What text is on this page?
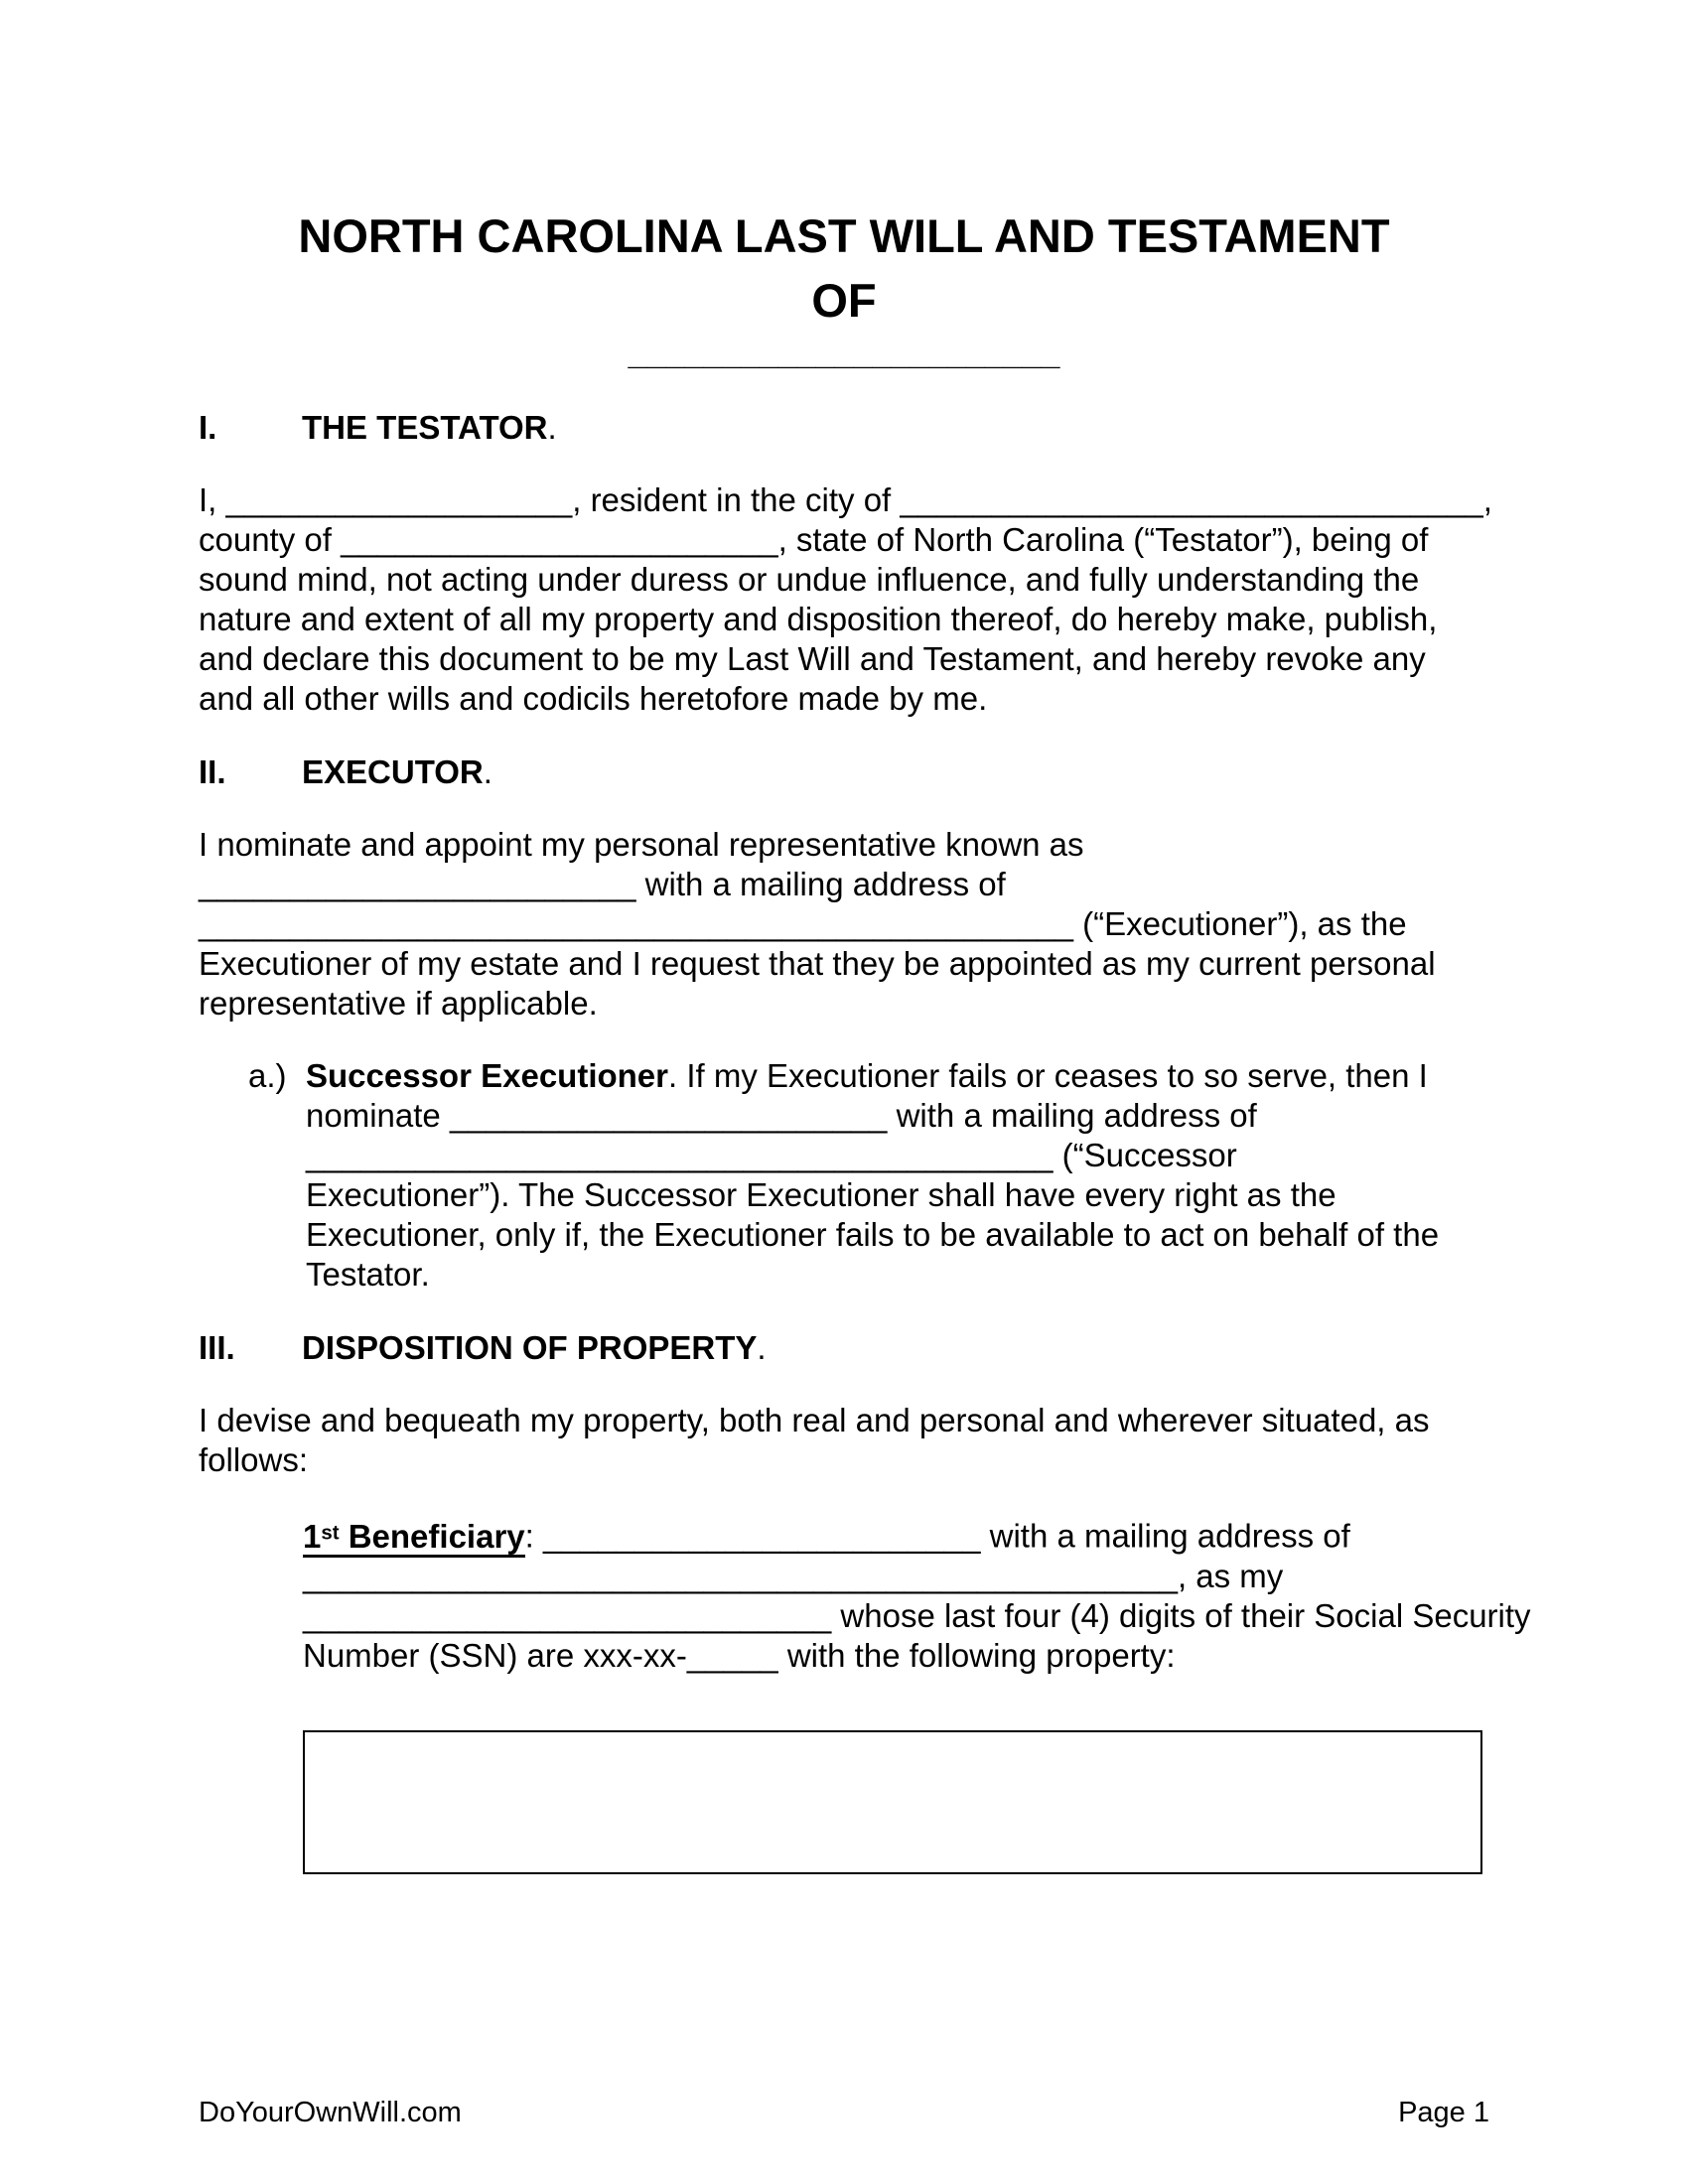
NORTH CAROLINA LAST WILL AND TESTAMENT
OF
_______________________
I.	THE TESTATOR.
I, ___________________, resident in the city of ________________________________,
county of ________________________, state of North Carolina (“Testator”), being of
sound mind, not acting under duress or undue influence, and fully understanding the
nature and extent of all my property and disposition thereof, do hereby make, publish,
and declare this document to be my Last Will and Testament, and hereby revoke any
and all other wills and codicils heretofore made by me.
II. EXECUTOR.
I nominate and appoint my personal representative known as
________________________ with a mailing address of
________________________________________________ (“Executioner”), as the
Executioner of my estate and I request that they be appointed as my current personal
representative if applicable.
a.) Successor Executioner. If my Executioner fails or ceases to so serve, then I
nominate ________________________ with a mailing address of
_________________________________________ (“Successor
Executioner”). The Successor Executioner shall have every right as the
Executioner, only if, the Executioner fails to be available to act on behalf of the
Testator.
III. DISPOSITION OF PROPERTY.
I devise and bequeath my property, both real and personal and wherever situated, as
follows:
1st Beneficiary: ________________________ with a mailing address of
________________________________________________, as my
_____________________________ whose last four (4) digits of their Social Security
Number (SSN) are xxx-xx-_____ with the following property:
DoYourOwnWill.com	Page 1
